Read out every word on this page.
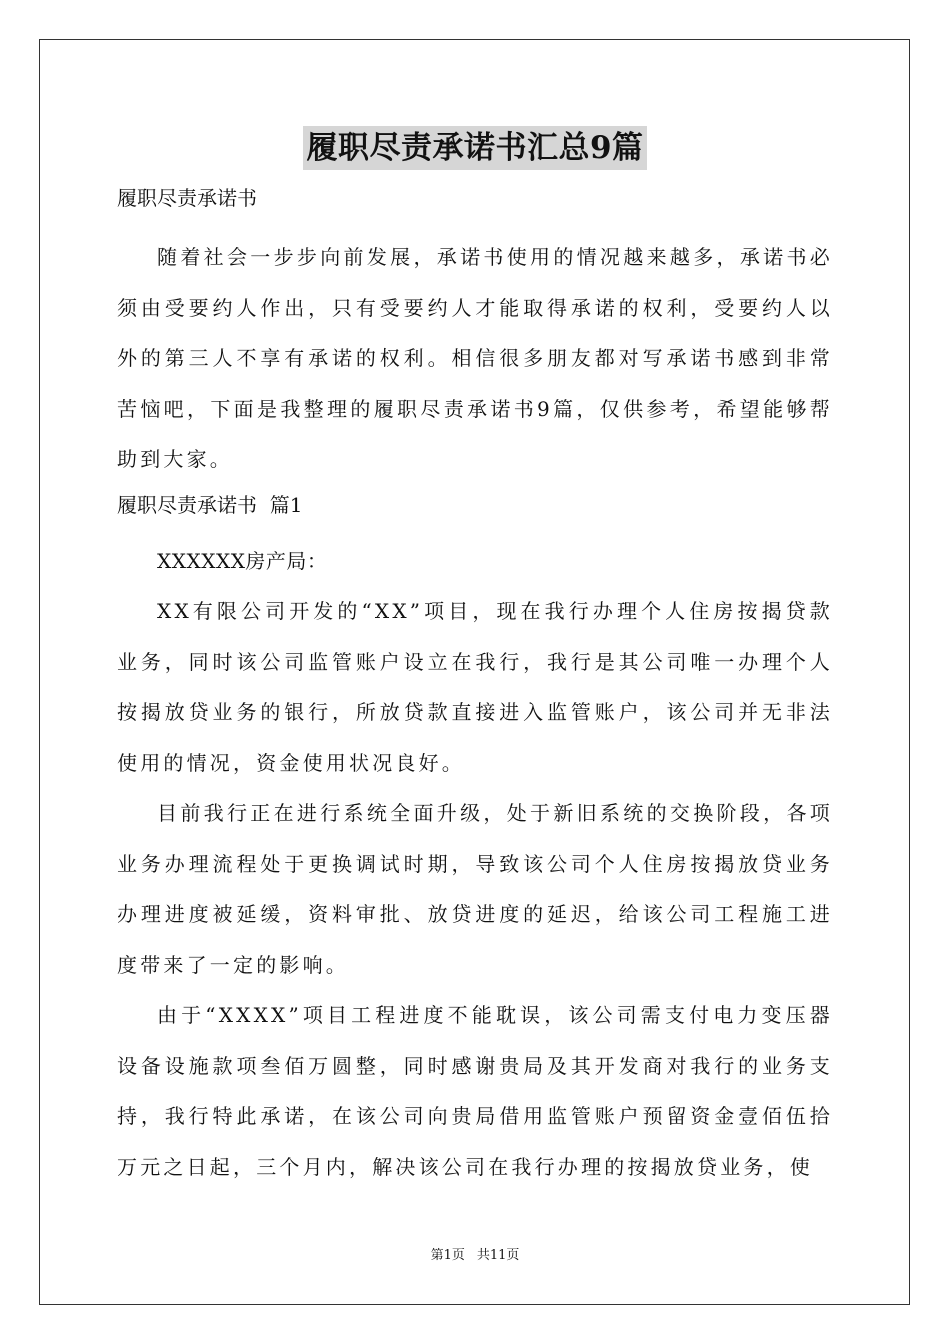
履职尽责承诺书汇总9篇

履职尽责承诺书

随着社会一步步向前发展，承诺书使用的情况越来越多，承诺书必须由受要约人作出，只有受要约人才能取得承诺的权利，受要约人以外的第三人不享有承诺的权利。相信很多朋友都对写承诺书感到非常苦恼吧，下面是我整理的履职尽责承诺书9篇，仅供参考，希望能够帮助到大家。

履职尽责承诺书  篇1

XXXXXX房产局：

XX有限公司开发的“XX”项目，现在我行办理个人住房按揭贷款业务，同时该公司监管账户设立在我行，我行是其公司唯一办理个人按揭放贷业务的银行，所放贷款直接进入监管账户，该公司并无非法使用的情况，资金使用状况良好。

目前我行正在进行系统全面升级，处于新旧系统的交换阶段，各项业务办理流程处于更换调试时期，导致该公司个人住房按揭放贷业务办理进度被延缓，资料审批、放贷进度的延迟，给该公司工程施工进度带来了一定的影响。

由于“XXXX”项目工程进度不能耽误，该公司需支付电力变压器设备设施款项叁佰万圆整，同时感谢贵局及其开发商对我行的业务支持，我行特此承诺，在该公司向贵局借用监管账户预留资金壹佰伍拾万元之日起，三个月内，解决该公司在我行办理的按揭放贷业务，使

第1页 共11页
